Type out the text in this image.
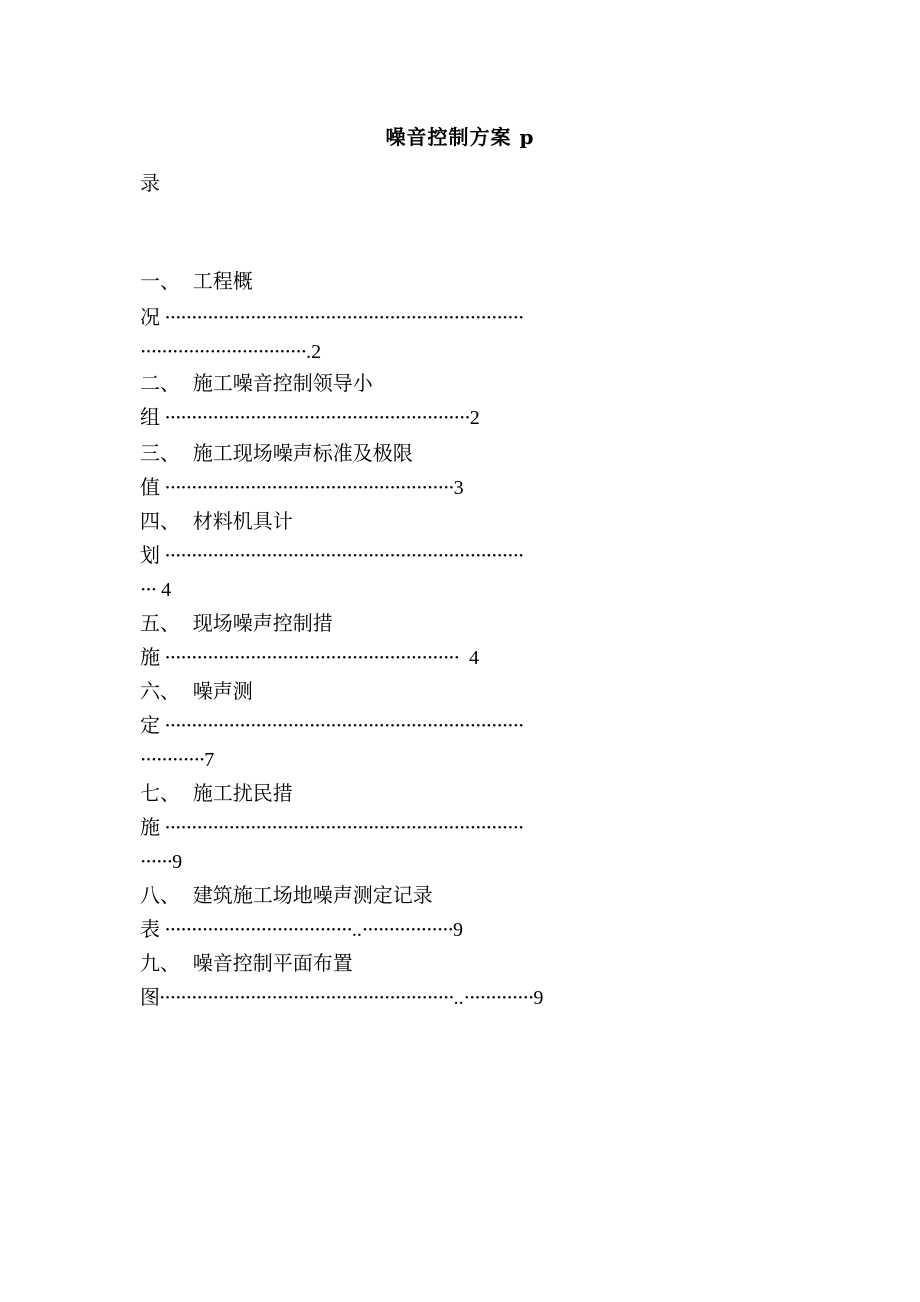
噪音控制方案 p
录
一、  工程概
况 ···································································
·······························.2
二、  施工噪音控制领导小
组 ·························································2
三、  施工现场噪声标准及极限
值 ······················································3
四、  材料机具计
划 ···································································
··· 4
五、  现场噪声控制措
施 ·······················································  4
六、  噪声测
定 ···································································
············7
七、  施工扰民措
施 ···································································
······9
八、  建筑施工场地噪声测定记录
表 ···································..·················9
九、  噪音控制平面布置
图·······················································..·············9
